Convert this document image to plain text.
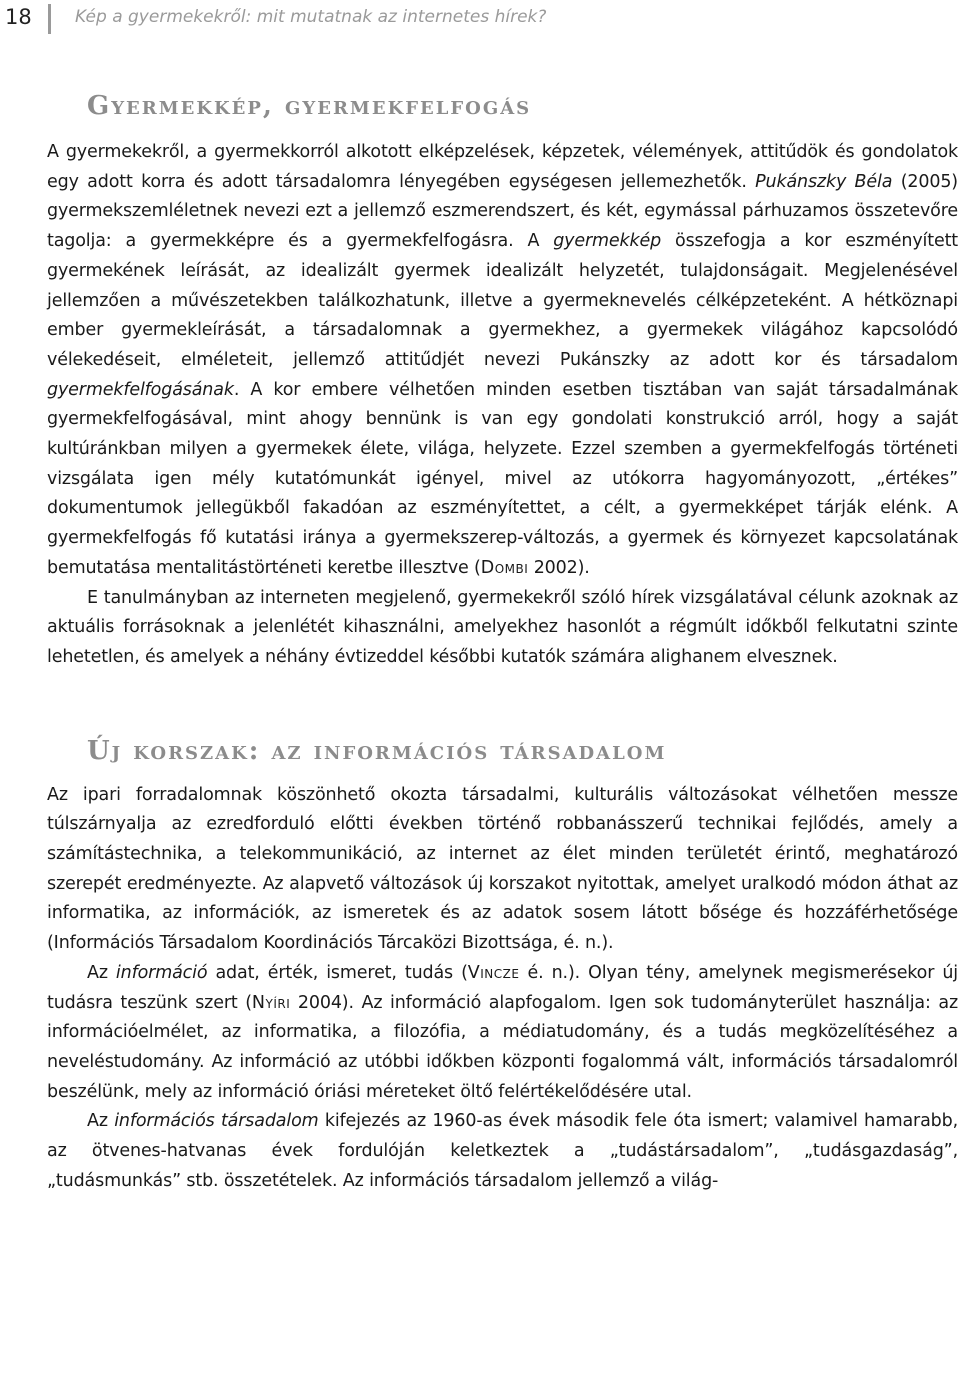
18	Kép a gyermekekről: mit mutatnak az internetes hírek?
Gyermekkép, gyermekfelfogás

A gyermekekről, a gyermekkorról alkotott elképzelések, képzetek, vélemények, attitűdök és gondolatok egy adott korra és adott társadalomra lényegében egységesen jellemezhetők. Pukánszky Béla (2005) gyermekszemléletnek nevezi ezt a jellemző eszmerendszert, és két, egymással párhuzamos összetevőre tagolja: a gyermekképre és a gyermekfelfogásra. A gyermekkép összefogja a kor eszményített gyermekének leírását, az idealizált gyermek idealizált helyzetét, tulajdonságait. Megjelenésével jellemzően a művészetekben találkozhatunk, illetve a gyermeknevelés célképzeteként. A hétköznapi ember gyermekleírását, a társadalomnak a gyermekhez, a gyermekek világához kapcsolódó vélekedéseit, elméleteit, jellemző attitűdjét nevezi Pukánszky az adott kor és társadalom gyermekfelfogásának. A kor embere vélhetően minden esetben tisztában van saját társadalmának gyermekfelfogásával, mint ahogy bennünk is van egy gondolati konstrukció arról, hogy a saját kultúránkban milyen a gyermekek élete, világa, helyzete. Ezzel szemben a gyermekfelfogás történeti vizsgálata igen mély kutatómunkát igényel, mivel az utókorra hagyományozott, „értékes” dokumentumok jellegükből fakadóan az eszményítettet, a célt, a gyermekképet tárják elénk. A gyermekfelfogás fő kutatási iránya a gyermekszerep-változás, a gyermek és környezet kapcsolatának bemutatása mentalitástörténeti keretbe illesztve (Dombi 2002).

E tanulmányban az interneten megjelenő, gyermekekről szóló hírek vizsgálatával célunk azoknak az aktuális forrásoknak a jelenlétét kihasználni, amelyekhez hasonlót a régmúlt időkből felkutatni szinte lehetetlen, és amelyek a néhány évtizeddel későbbi kutatók számára alighanem elvesznek.

Új korszak: az információs társadalom

Az ipari forradalomnak köszönhető okozta társadalmi, kulturális változásokat vélhetően messze túlszárnyalja az ezredforduló előtti években történő robbanásszerű technikai fejlődés, amely a számítástechnika, a telekommunikáció, az internet az élet minden területét érintő, meghatározó szerepét eredményezte. Az alapvető változások új korszakot nyitottak, amelyet uralkodó módon áthat az informatika, az információk, az ismeretek és az adatok sosem látott bősége és hozzáférhetősége (Információs Társadalom Koordinációs Tárcaközi Bizottsága, é. n.).

Az információ adat, érték, ismeret, tudás (Vincze é. n.). Olyan tény, amelynek megismerésekor új tudásra teszünk szert (Nyíri 2004). Az információ alapfogalom. Igen sok tudományterület használja: az információelmélet, az informatika, a filozófia, a médiatudomány, és a tudás megközelítéséhez a neveléstudomány. Az információ az utóbbi időkben központi fogalommá vált, információs társadalomról beszélünk, mely az információ óriási méreteket öltő felértékelődésére utal.

Az információs társadalom kifejezés az 1960-as évek második fele óta ismert; valamivel hamarabb, az ötvenes-hatvanas évek fordulóján keletkeztek a „tudástársadalom”, „tudásgazdaság”, „tudásmunkás” stb. összetételek. Az információs társadalom jellemző a világ-
